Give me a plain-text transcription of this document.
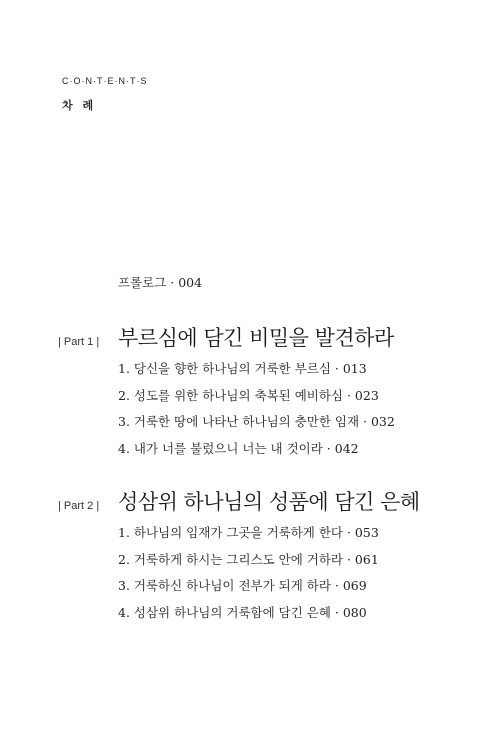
C·O·N·T·E·N·T·S
차 례
프롤로그 · 004
| Part 1 | 부르심에 담긴 비밀을 발견하라
1. 당신을 향한 하나님의 거룩한 부르심 · 013
2. 성도를 위한 하나님의 축복된 예비하심 · 023
3. 거룩한 땅에 나타난 하나님의 충만한 임재 · 032
4. 내가 너를 불렀으니 너는 내 것이라 · 042
| Part 2 | 성삼위 하나님의 성품에 담긴 은혜
1. 하나님의 임재가 그곳을 거룩하게 한다 · 053
2. 거룩하게 하시는 그리스도 안에 거하라 · 061
3. 거룩하신 하나님이 전부가 되게 하라 · 069
4. 성삼위 하나님의 거룩함에 담긴 은혜 · 080
